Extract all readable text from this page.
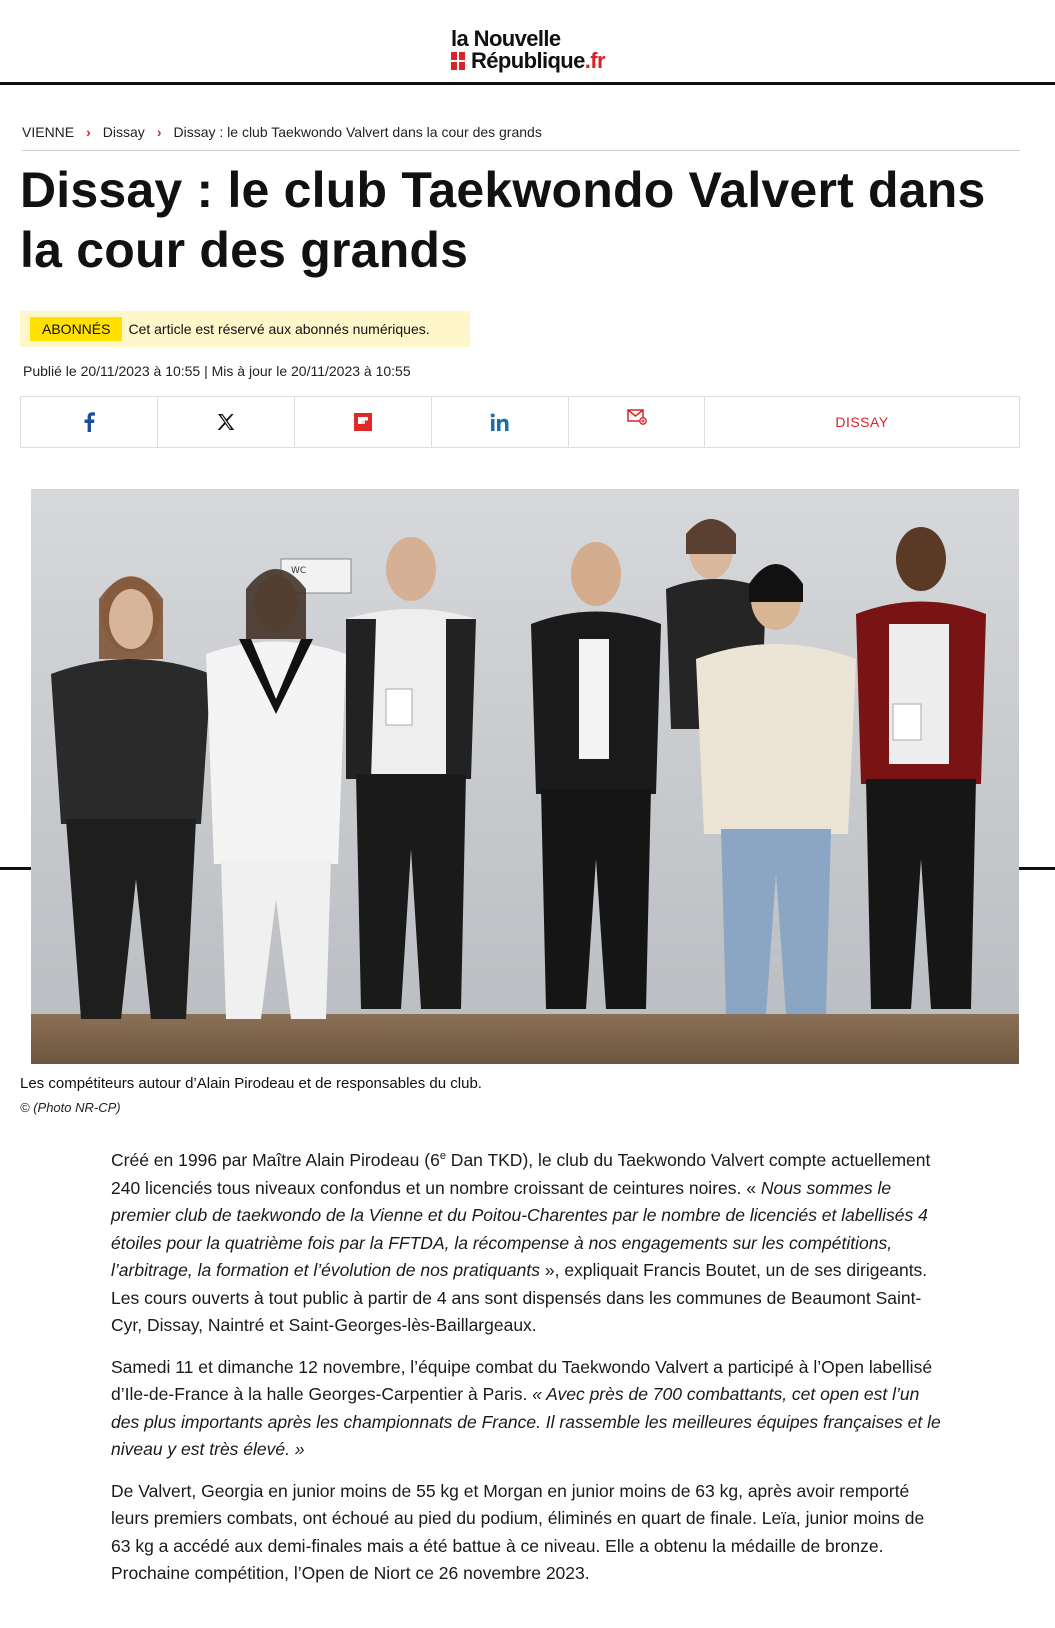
la Nouvelle
République .fr
VIENNE › Dissay › Dissay : le club Taekwondo Valvert dans la cour des grands
Dissay : le club Taekwondo Valvert dans la cour des grands
ABONNÉS	Cet article est réservé aux abonnés numériques.
Publié le 20/11/2023 à 10:55 | Mis à jour le 20/11/2023 à 10:55
DISSAY
WC
Les compétiteurs autour d’Alain Pirodeau et de responsables du club.
© (Photo NR-CP)

Créé en 1996 par Maître Alain Pirodeau (6e Dan TKD), le club du Taekwondo Valvert compte actuellement 240 licenciés tous niveaux confondus et un nombre croissant de ceintures noires. « Nous sommes le premier club de taekwondo de la Vienne et du Poitou-Charentes par le nombre de licenciés et labellisés 4 étoiles pour la quatrième fois par la FFTDA, la récompense à nos engagements sur les compétitions, l’arbitrage, la formation et l’évolution de nos pratiquants », expliquait Francis Boutet, un de ses dirigeants. Les cours ouverts à tout public à partir de 4 ans sont dispensés dans les communes de Beaumont Saint-Cyr, Dissay, Naintré et Saint-Georges-lès-Baillargeaux.

Samedi 11 et dimanche 12 novembre, l’équipe combat du Taekwondo Valvert a participé à l’Open labellisé d’Ile-de-France à la halle Georges-Carpentier à Paris. « Avec près de 700 combattants, cet open est l’un des plus importants après les championnats de France. Il rassemble les meilleures équipes françaises et le niveau y est très élevé. »

De Valvert, Georgia en junior moins de 55 kg et Morgan en junior moins de 63 kg, après avoir remporté leurs premiers combats, ont échoué au pied du podium, éliminés en quart de finale. Leïa, junior moins de 63 kg a accédé aux demi-finales mais a été battue à ce niveau. Elle a obtenu la médaille de bronze. Prochaine compétition, l’Open de Niort ce 26 novembre 2023.
